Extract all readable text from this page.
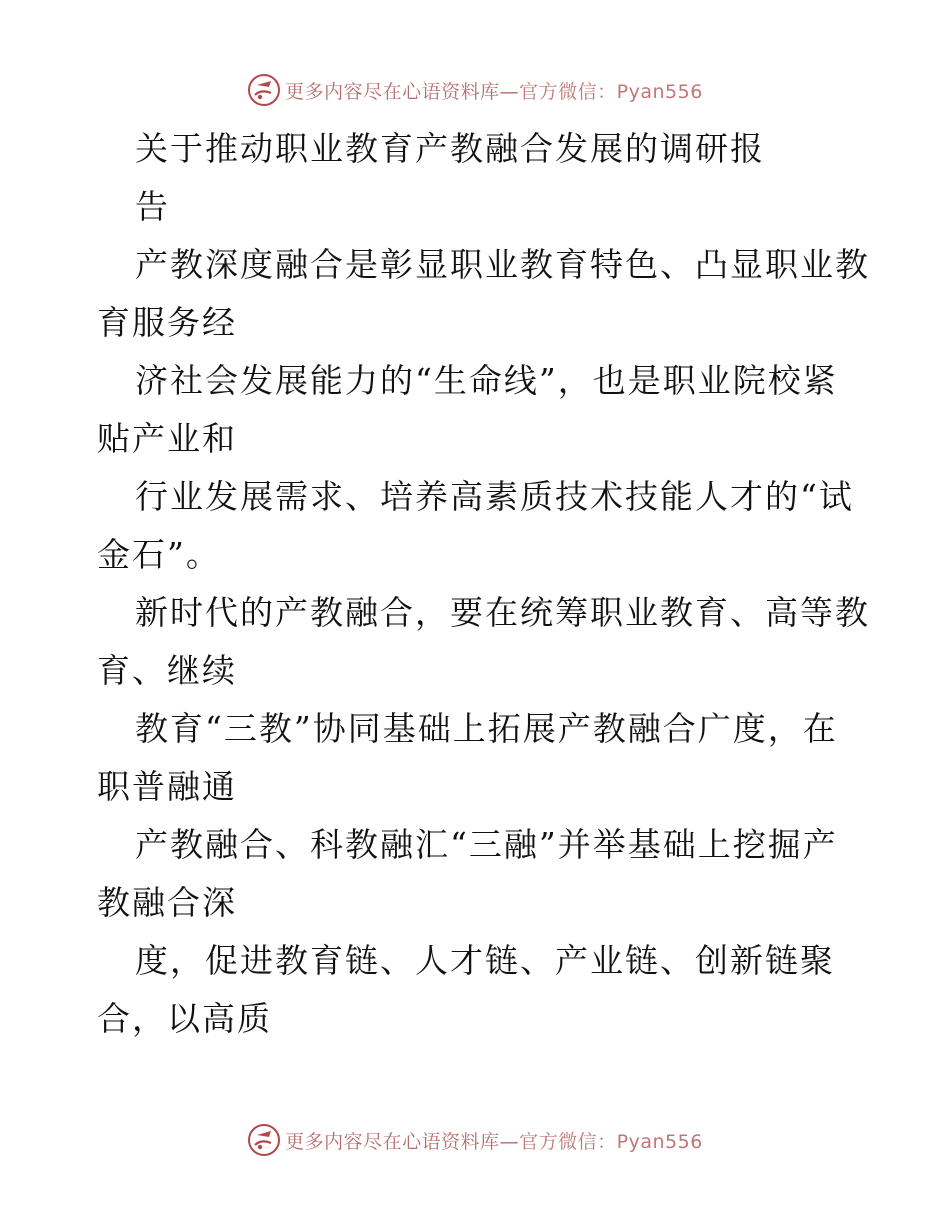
更多内容尽在心语资料库—官方微信：Pyan556
关于推动职业教育产教融合发展的调研报
告
产教深度融合是彰显职业教育特色、凸显职业教
育服务经
济社会发展能力的“生命线”，也是职业院校紧
贴产业和
行业发展需求、培养高素质技术技能人才的“试
金石”。
新时代的产教融合，要在统筹职业教育、高等教
育、继续
教育“三教”协同基础上拓展产教融合广度，在
职普融通
产教融合、科教融汇“三融”并举基础上挖掘产
教融合深
度，促进教育链、人才链、产业链、创新链聚
合，以高质
更多内容尽在心语资料库—官方微信：Pyan556
